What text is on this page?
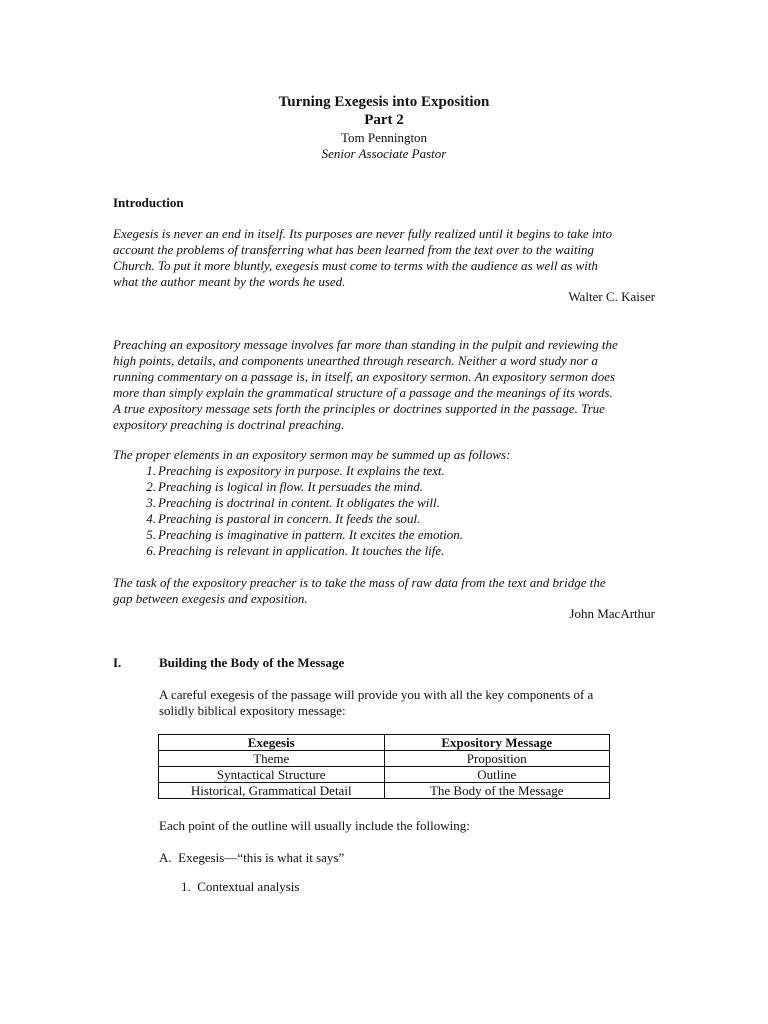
Turning Exegesis into Exposition
Part 2
Tom Pennington
Senior Associate Pastor
Introduction
Exegesis is never an end in itself. Its purposes are never fully realized until it begins to take into
account the problems of transferring what has been learned from the text over to the waiting
Church. To put it more bluntly, exegesis must come to terms with the audience as well as with
what the author meant by the words he used.
Walter C. Kaiser
Preaching an expository message involves far more than standing in the pulpit and reviewing the
high points, details, and components unearthed through research. Neither a word study nor a
running commentary on a passage is, in itself, an expository sermon. An expository sermon does
more than simply explain the grammatical structure of a passage and the meanings of its words.
A true expository message sets forth the principles or doctrines supported in the passage. True
expository preaching is doctrinal preaching.
The proper elements in an expository sermon may be summed up as follows:
1. Preaching is expository in purpose. It explains the text.
2. Preaching is logical in flow. It persuades the mind.
3. Preaching is doctrinal in content. It obligates the will.
4. Preaching is pastoral in concern. It feeds the soul.
5. Preaching is imaginative in pattern. It excites the emotion.
6. Preaching is relevant in application. It touches the life.
The task of the expository preacher is to take the mass of raw data from the text and bridge the
gap between exegesis and exposition.
John MacArthur
I.	Building the Body of the Message
A careful exegesis of the passage will provide you with all the key components of a
solidly biblical expository message:
Exegesis	Expository Message
Theme	Proposition
Syntactical Structure	Outline
Historical, Grammatical Detail	The Body of the Message
Each point of the outline will usually include the following:
A.  Exegesis—“this is what it says”
1.  Contextual analysis
